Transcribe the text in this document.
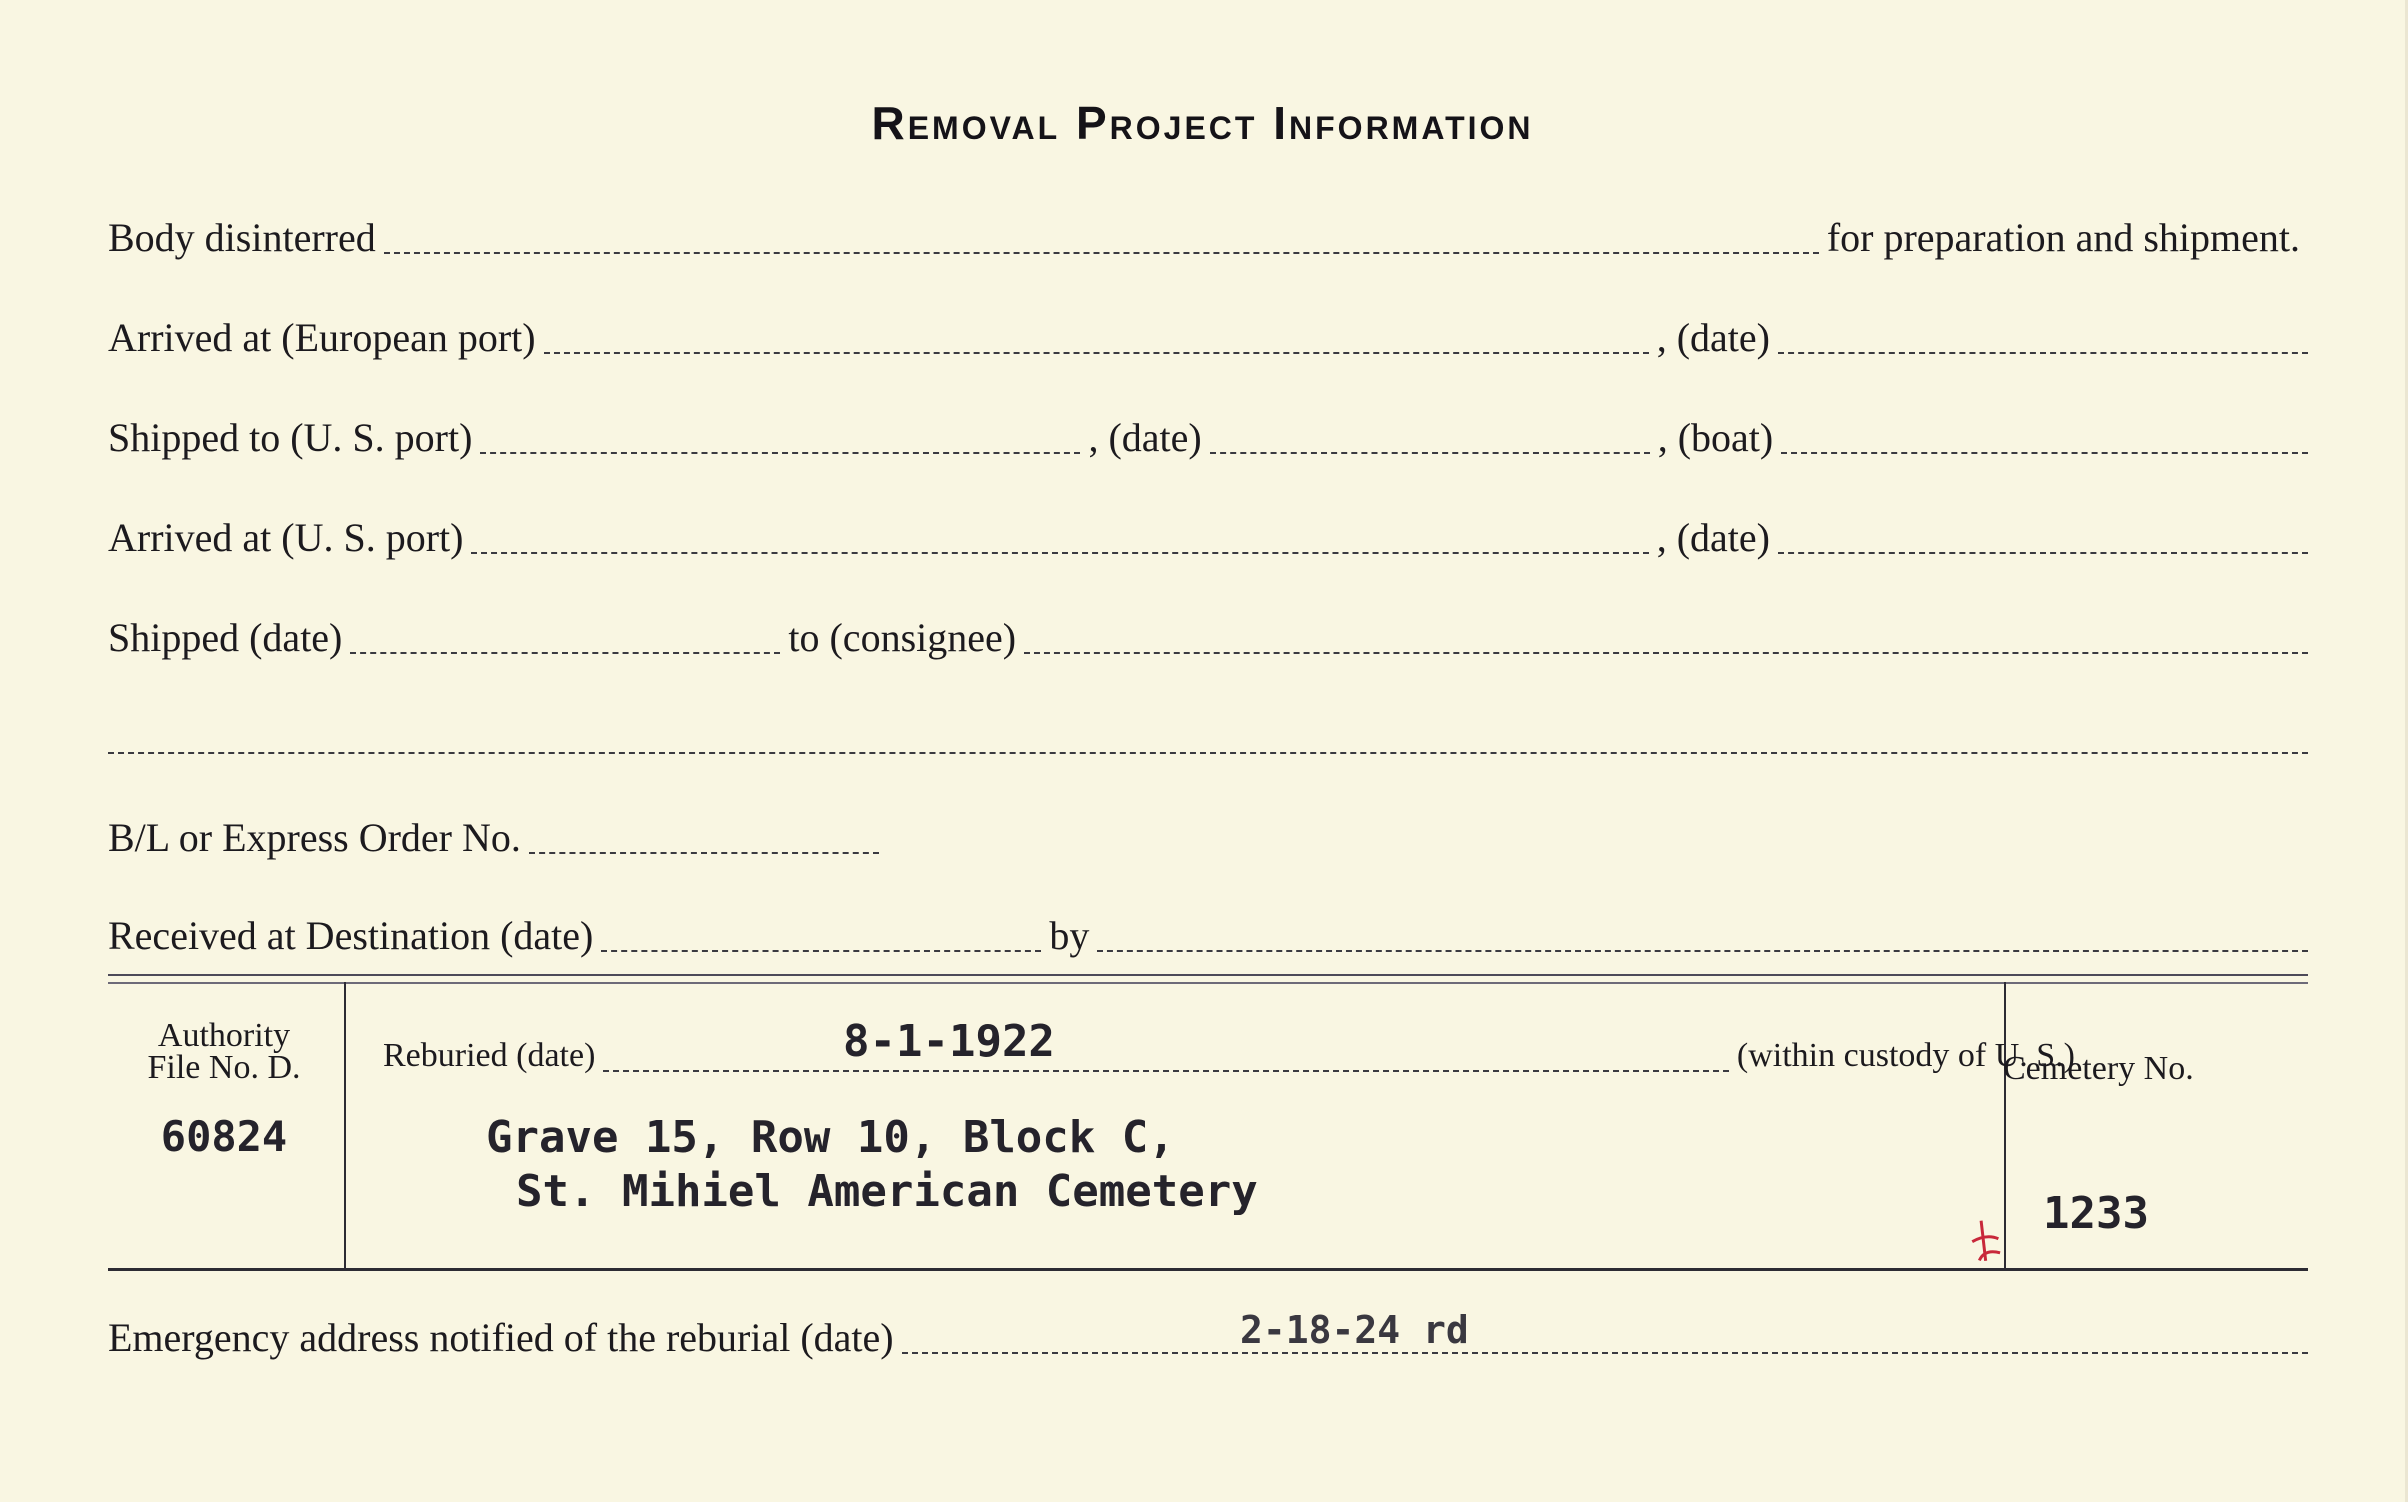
Removal Project Information
Body disinterred	for preparation and shipment.
Arrived at (European port)	, (date)
Shipped to (U. S. port)	, (date)	, (boat)
Arrived at (U. S. port)	, (date)
Shipped (date)	to (consignee)
B/L or Express Order No.
Received at Destination (date)	by
Authority
File No. D.
60824
Reburied (date)	(within custody of U. S.)
8-1-1922
Grave 15, Row 10, Block C,
St. Mihiel American Cemetery
Cemetery No.
1233
Emergency address notified of the reburial (date)	2-18-24 rd
